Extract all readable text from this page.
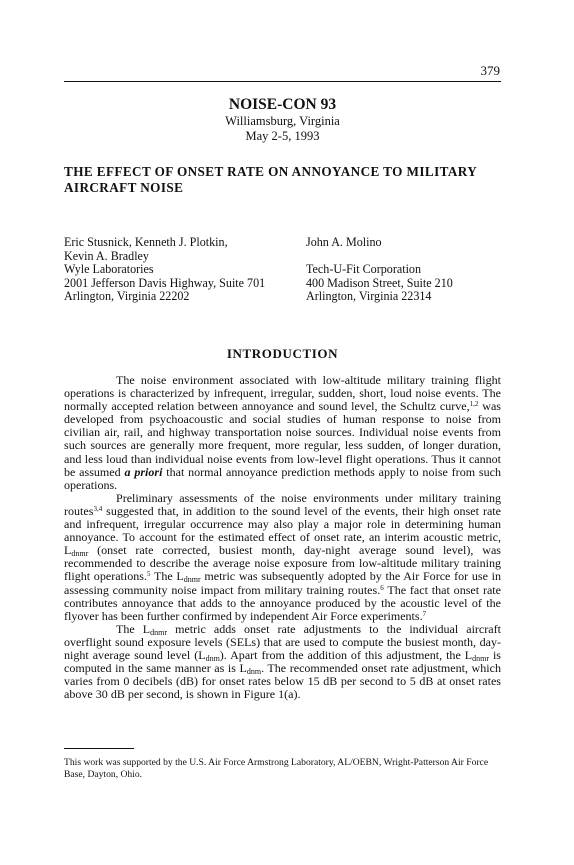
379
NOISE-CON 93
Williamsburg, Virginia
May 2-5, 1993
THE EFFECT OF ONSET RATE ON ANNOYANCE TO MILITARY AIRCRAFT NOISE
Eric Stusnick, Kenneth J. Plotkin,
Kevin A. Bradley
Wyle Laboratories
2001 Jefferson Davis Highway, Suite 701
Arlington, Virginia 22202
John A. Molino
Tech-U-Fit Corporation
400 Madison Street, Suite 210
Arlington, Virginia 22314
INTRODUCTION

The noise environment associated with low-altitude military training flight operations is characterized by infrequent, irregular, sudden, short, loud noise events. The normally accepted relation between annoyance and sound level, the Schultz curve,$^{1,2}$ was developed from psychoacoustic and social studies of human response to noise from civilian air, rail, and highway transportation noise sources. Individual noise events from such sources are generally more frequent, more regular, less sudden, of longer duration, and less loud than individual noise events from low-level flight operations. Thus it cannot be assumed a priori that normal annoyance prediction methods apply to noise from such operations.

Preliminary assessments of the noise environments under military training routes$^{3,4}$ suggested that, in addition to the sound level of the events, their high onset rate and infrequent, irregular occurrence may also play a major role in determining human annoyance. To account for the estimated effect of onset rate, an interim acoustic metric, $L_{dnmr}$ (onset rate corrected, busiest month, day-night average sound level), was recommended to describe the average noise exposure from low-altitude military training flight operations.$^5$ The $L_{dnmr}$ metric was subsequently adopted by the Air Force for use in assessing community noise impact from military training routes.$^6$ The fact that onset rate contributes annoyance that adds to the annoyance produced by the acoustic level of the flyover has been further confirmed by independent Air Force experiments.$^7$

The $L_{dnmr}$ metric adds onset rate adjustments to the individual aircraft overflight sound exposure levels (SELs) that are used to compute the busiest month, day-night average sound level $(L_{dnm})$. Apart from the addition of this adjustment, the $L_{dnmr}$ is computed in the same manner as is $L_{dnm}$. The recommended onset rate adjustment, which varies from 0 decibels (dB) for onset rates below 15 dB per second to 5 dB at onset rates above 30 dB per second, is shown in Figure 1(a).

This work was supported by the U.S. Air Force Armstrong Laboratory, AL/OEBN, Wright-Patterson Air Force Base, Dayton, Ohio.
